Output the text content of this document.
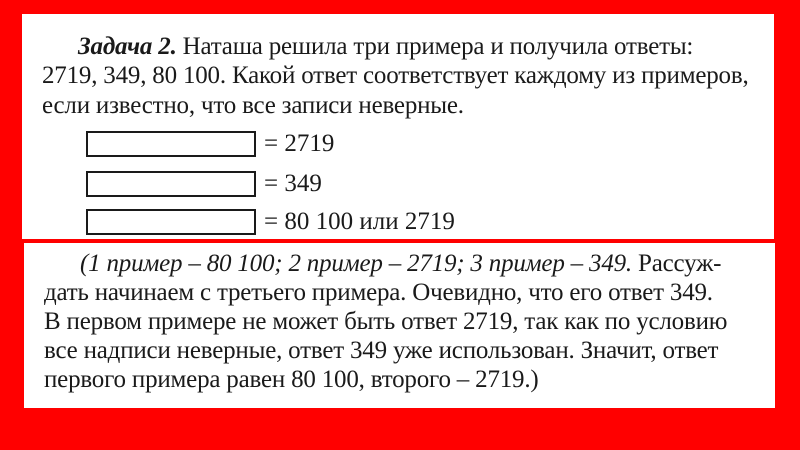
Задача 2. Наташа решила три примера и получила ответы:
2719, 349, 80 100. Какой ответ соответствует каждому из примеров,
если известно, что все записи неверные.
= 2719
= 349
= 80 100 или 2719
(1 пример – 80 100; 2 пример – 2719; 3 пример – 349. Рассуж-
дать начинаем с третьего примера. Очевидно, что его ответ 349.
В первом примере не может быть ответ 2719, так как по условию
все надписи неверные, ответ 349 уже использован. Значит, ответ
первого примера равен 80 100, второго – 2719.)
